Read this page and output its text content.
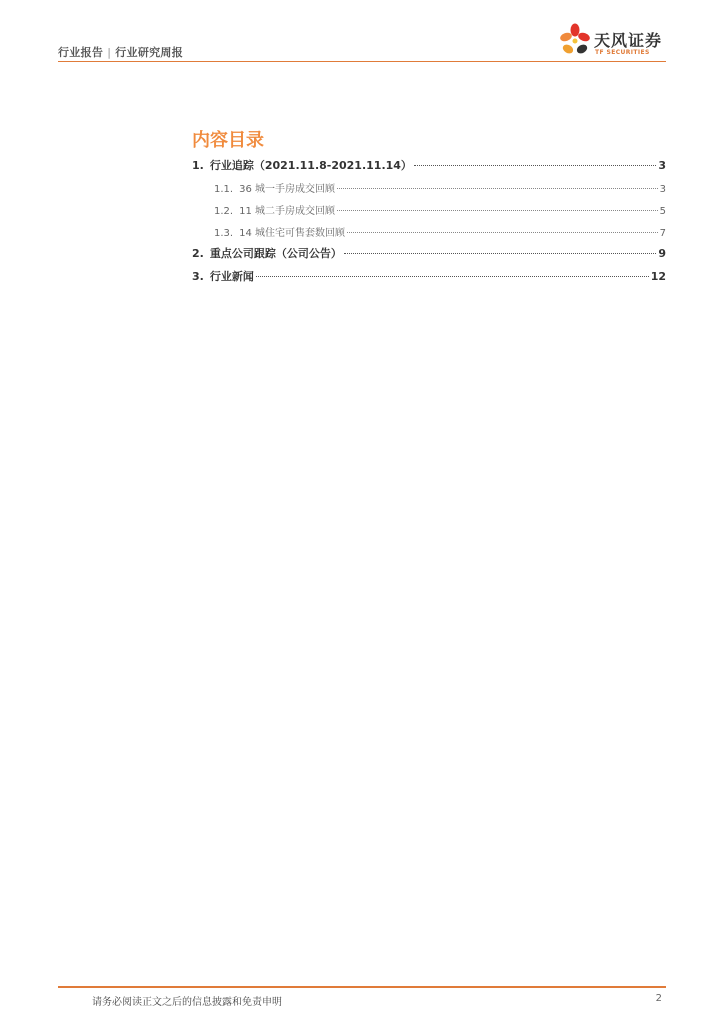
行业报告 | 行业研究周报
天风证券
TF SECURITIES
内容目录
1. 行业追踪（2021.11.8-2021.11.14）	3
1.1. 36 城一手房成交回顾	3
1.2. 11 城二手房成交回顾	5
1.3. 14 城住宅可售套数回顾	7
2. 重点公司跟踪（公司公告）	9
3. 行业新闻	12
请务必阅读正文之后的信息披露和免责申明	2
